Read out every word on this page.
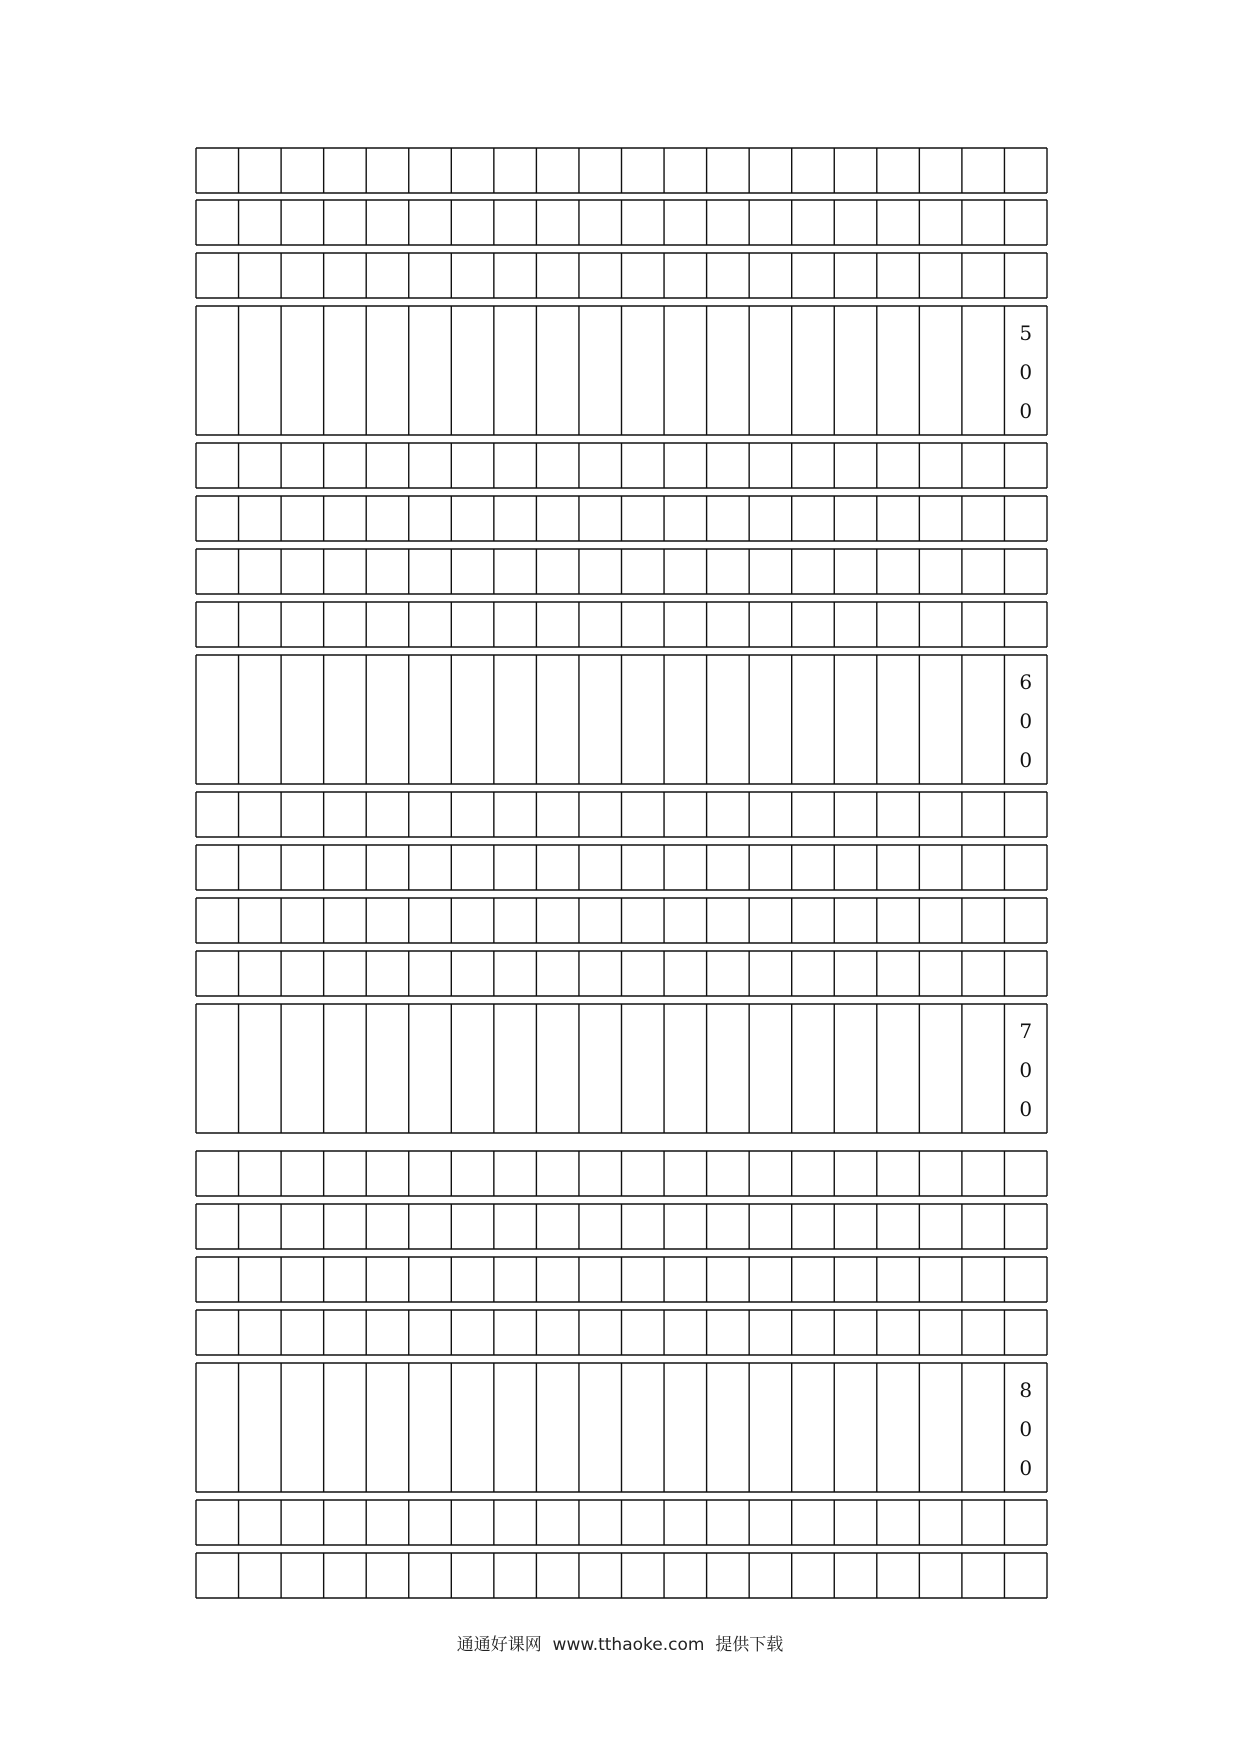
5
0
0
6
0
0
7
0
0
8
0
0
通通好课网 www.tthaoke.com 提供下载
